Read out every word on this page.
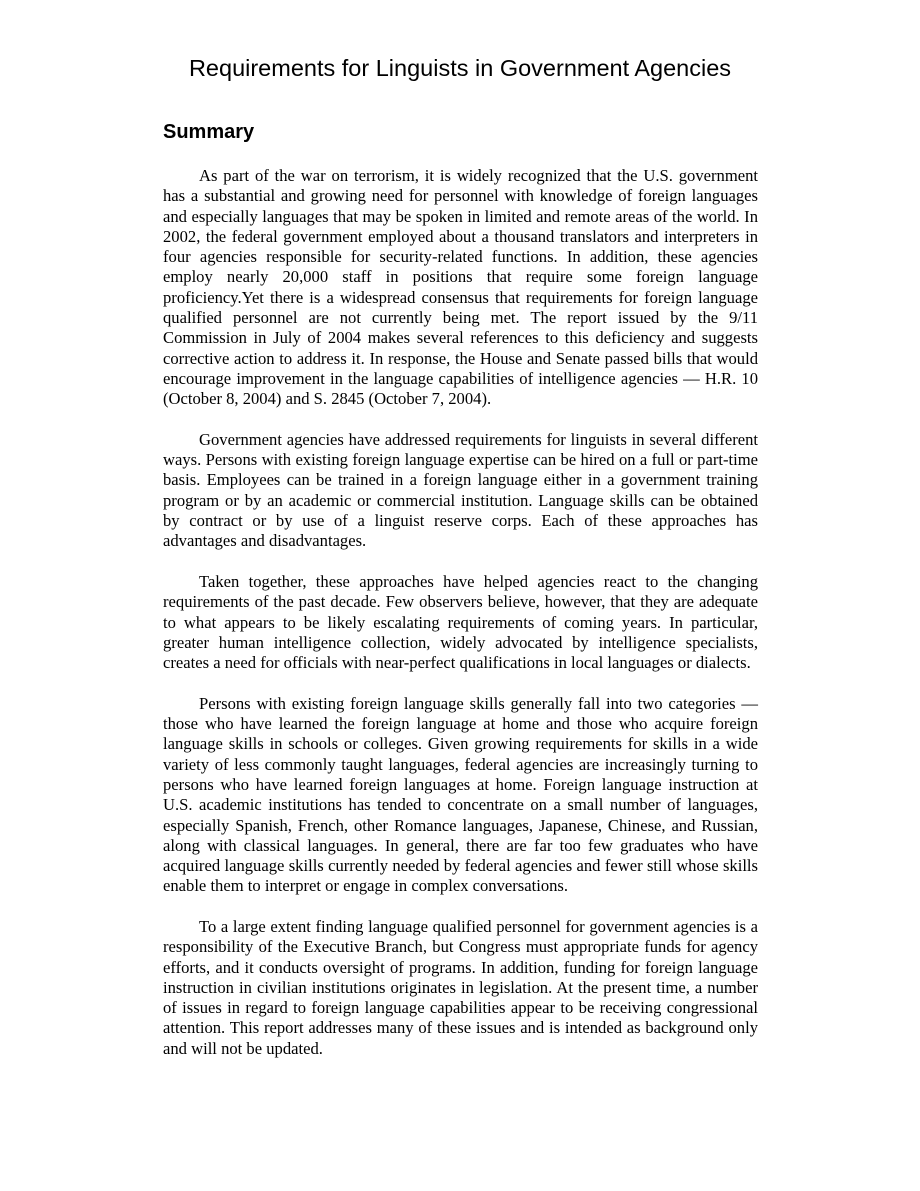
Requirements for Linguists in Government Agencies
Summary

As part of the war on terrorism, it is widely recognized that the U.S. government has a substantial and growing need for personnel with knowledge of foreign languages and especially languages that may be spoken in limited and remote areas of the world. In 2002, the federal government employed about a thousand translators and interpreters in four agencies responsible for security-related functions. In addition, these agencies employ nearly 20,000 staff in positions that require some foreign language proficiency.Yet there is a widespread consensus that requirements for foreign language qualified personnel are not currently being met. The report issued by the 9/11 Commission in July of 2004 makes several references to this deficiency and suggests corrective action to address it. In response, the House and Senate passed bills that would encourage improvement in the language capabilities of intelligence agencies — H.R. 10 (October 8, 2004) and S. 2845 (October 7, 2004).

Government agencies have addressed requirements for linguists in several different ways. Persons with existing foreign language expertise can be hired on a full or part-time basis. Employees can be trained in a foreign language either in a government training program or by an academic or commercial institution. Language skills can be obtained by contract or by use of a linguist reserve corps. Each of these approaches has advantages and disadvantages.

Taken together, these approaches have helped agencies react to the changing requirements of the past decade. Few observers believe, however, that they are adequate to what appears to be likely escalating requirements of coming years. In particular, greater human intelligence collection, widely advocated by intelligence specialists, creates a need for officials with near-perfect qualifications in local languages or dialects.

Persons with existing foreign language skills generally fall into two categories — those who have learned the foreign language at home and those who acquire foreign language skills in schools or colleges. Given growing requirements for skills in a wide variety of less commonly taught languages, federal agencies are increasingly turning to persons who have learned foreign languages at home. Foreign language instruction at U.S. academic institutions has tended to concentrate on a small number of languages, especially Spanish, French, other Romance languages, Japanese, Chinese, and Russian, along with classical languages. In general, there are far too few graduates who have acquired language skills currently needed by federal agencies and fewer still whose skills enable them to interpret or engage in complex conversations.

To a large extent finding language qualified personnel for government agencies is a responsibility of the Executive Branch, but Congress must appropriate funds for agency efforts, and it conducts oversight of programs. In addition, funding for foreign language instruction in civilian institutions originates in legislation. At the present time, a number of issues in regard to foreign language capabilities appear to be receiving congressional attention. This report addresses many of these issues and is intended as background only and will not be updated.
